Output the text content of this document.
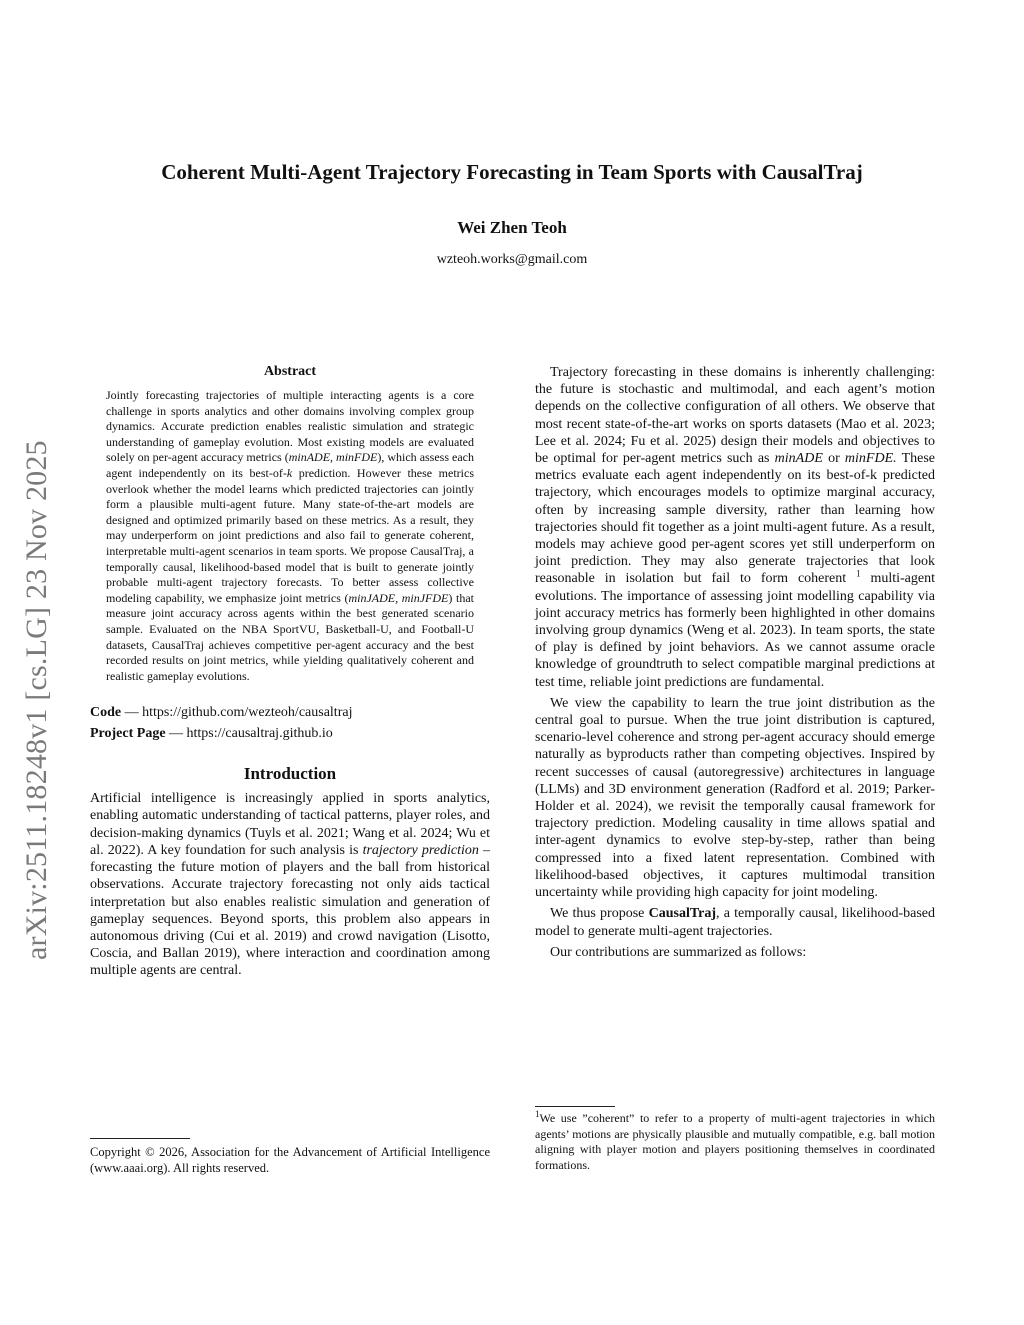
arXiv:2511.18248v1 [cs.LG] 23 Nov 2025
Coherent Multi-Agent Trajectory Forecasting in Team Sports with CausalTraj

Wei Zhen Teoh

wzteoh.works@gmail.com

Abstract

Jointly forecasting trajectories of multiple interacting agents is a core challenge in sports analytics and other domains involving complex group dynamics. Accurate prediction enables realistic simulation and strategic understanding of gameplay evolution. Most existing models are evaluated solely on per-agent accuracy metrics (minADE, minFDE), which assess each agent independently on its best-of-k prediction. However these metrics overlook whether the model learns which predicted trajectories can jointly form a plausible multi-agent future. Many state-of-the-art models are designed and optimized primarily based on these metrics. As a result, they may underperform on joint predictions and also fail to generate coherent, interpretable multi-agent scenarios in team sports. We propose CausalTraj, a temporally causal, likelihood-based model that is built to generate jointly probable multi-agent trajectory forecasts. To better assess collective modeling capability, we emphasize joint metrics (minJADE, minJFDE) that measure joint accuracy across agents within the best generated scenario sample. Evaluated on the NBA SportVU, Basketball-U, and Football-U datasets, CausalTraj achieves competitive per-agent accuracy and the best recorded results on joint metrics, while yielding qualitatively coherent and realistic gameplay evolutions.

Code — https://github.com/wezteoh/causaltraj

Project Page — https://causaltraj.github.io

Introduction

Artificial intelligence is increasingly applied in sports analytics, enabling automatic understanding of tactical patterns, player roles, and decision-making dynamics (Tuyls et al. 2021; Wang et al. 2024; Wu et al. 2022). A key foundation for such analysis is trajectory prediction – forecasting the future motion of players and the ball from historical observations. Accurate trajectory forecasting not only aids tactical interpretation but also enables realistic simulation and generation of gameplay sequences. Beyond sports, this problem also appears in autonomous driving (Cui et al. 2019) and crowd navigation (Lisotto, Coscia, and Ballan 2019), where interaction and coordination among multiple agents are central.

Copyright © 2026, Association for the Advancement of Artificial Intelligence (www.aaai.org). All rights reserved.

Trajectory forecasting in these domains is inherently challenging: the future is stochastic and multimodal, and each agent’s motion depends on the collective configuration of all others. We observe that most recent state-of-the-art works on sports datasets (Mao et al. 2023; Lee et al. 2024; Fu et al. 2025) design their models and objectives to be optimal for per-agent metrics such as minADE or minFDE. These metrics evaluate each agent independently on its best-of-k predicted trajectory, which encourages models to optimize marginal accuracy, often by increasing sample diversity, rather than learning how trajectories should fit together as a joint multi-agent future. As a result, models may achieve good per-agent scores yet still underperform on joint prediction. They may also generate trajectories that look reasonable in isolation but fail to form coherent $^1$ multi-agent evolutions. The importance of assessing joint modelling capability via joint accuracy metrics has formerly been highlighted in other domains involving group dynamics (Weng et al. 2023). In team sports, the state of play is defined by joint behaviors. As we cannot assume oracle knowledge of groundtruth to select compatible marginal predictions at test time, reliable joint predictions are fundamental.

We view the capability to learn the true joint distribution as the central goal to pursue. When the true joint distribution is captured, scenario-level coherence and strong per-agent accuracy should emerge naturally as byproducts rather than competing objectives. Inspired by recent successes of causal (autoregressive) architectures in language (LLMs) and 3D environment generation (Radford et al. 2019; Parker-Holder et al. 2024), we revisit the temporally causal framework for trajectory prediction. Modeling causality in time allows spatial and inter-agent dynamics to evolve step-by-step, rather than being compressed into a fixed latent representation. Combined with likelihood-based objectives, it captures multimodal transition uncertainty while providing high capacity for joint modeling.

We thus propose CausalTraj, a temporally causal, likelihood-based model to generate multi-agent trajectories.

Our contributions are summarized as follows:

$^1$We use ”coherent” to refer to a property of multi-agent trajectories in which agents’ motions are physically plausible and mutually compatible, e.g. ball motion aligning with player motion and players positioning themselves in coordinated formations.
